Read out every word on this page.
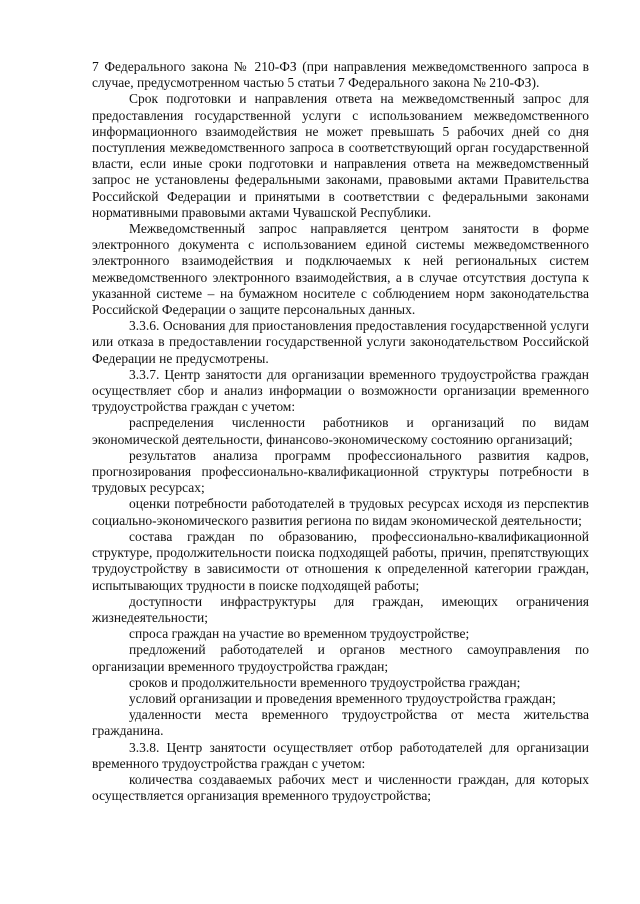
7 Федерального закона № 210-ФЗ (при направления межведомственного запроса в случае, предусмотренном частью 5 статьи 7 Федерального закона № 210-ФЗ).

Срок подготовки и направления ответа на межведомственный запрос для предоставления государственной услуги с использованием межведомственного информационного взаимодействия не может превышать 5 рабочих дней со дня поступления межведомственного запроса в соответствующий орган государственной власти, если иные сроки подготовки и направления ответа на межведомственный запрос не установлены федеральными законами, правовыми актами Правительства Российской Федерации и принятыми в соответствии с федеральными законами нормативными правовыми актами Чувашской Республики.

Межведомственный запрос направляется центром занятости в форме электронного документа с использованием единой системы межведомственного электронного взаимодействия и подключаемых к ней региональных систем межведомственного электронного взаимодействия, а в случае отсутствия доступа к указанной системе – на бумажном носителе с соблюдением норм законодательства Российской Федерации о защите персональных данных.

3.3.6. Основания для приостановления предоставления государственной услуги или отказа в предоставлении государственной услуги законодательством Российской Федерации не предусмотрены.

3.3.7. Центр занятости для организации временного трудоустройства граждан осуществляет сбор и анализ информации о возможности организации временного трудоустройства граждан с учетом:

распределения численности работников и организаций по видам экономической деятельности, финансово-экономическому состоянию организаций;

результатов анализа программ профессионального развития кадров, прогнозирования профессионально-квалификационной структуры потребности в трудовых ресурсах;

оценки потребности работодателей в трудовых ресурсах исходя из перспектив социально-экономического развития региона по видам экономической деятельности;

состава граждан по образованию, профессионально-квалификационной структуре, продолжительности поиска подходящей работы, причин, препятствующих трудоустройству в зависимости от отношения к определенной категории граждан, испытывающих трудности в поиске подходящей работы;

доступности инфраструктуры для граждан, имеющих ограничения жизнедеятельности;

спроса граждан на участие во временном трудоустройстве;

предложений работодателей и органов местного самоуправления по организации временного трудоустройства граждан;

сроков и продолжительности временного трудоустройства граждан;

условий организации и проведения временного трудоустройства граждан;

удаленности места временного трудоустройства от места жительства гражданина.

3.3.8. Центр занятости осуществляет отбор работодателей для организации временного трудоустройства граждан с учетом:

количества создаваемых рабочих мест и численности граждан, для которых осуществляется организация временного трудоустройства;
